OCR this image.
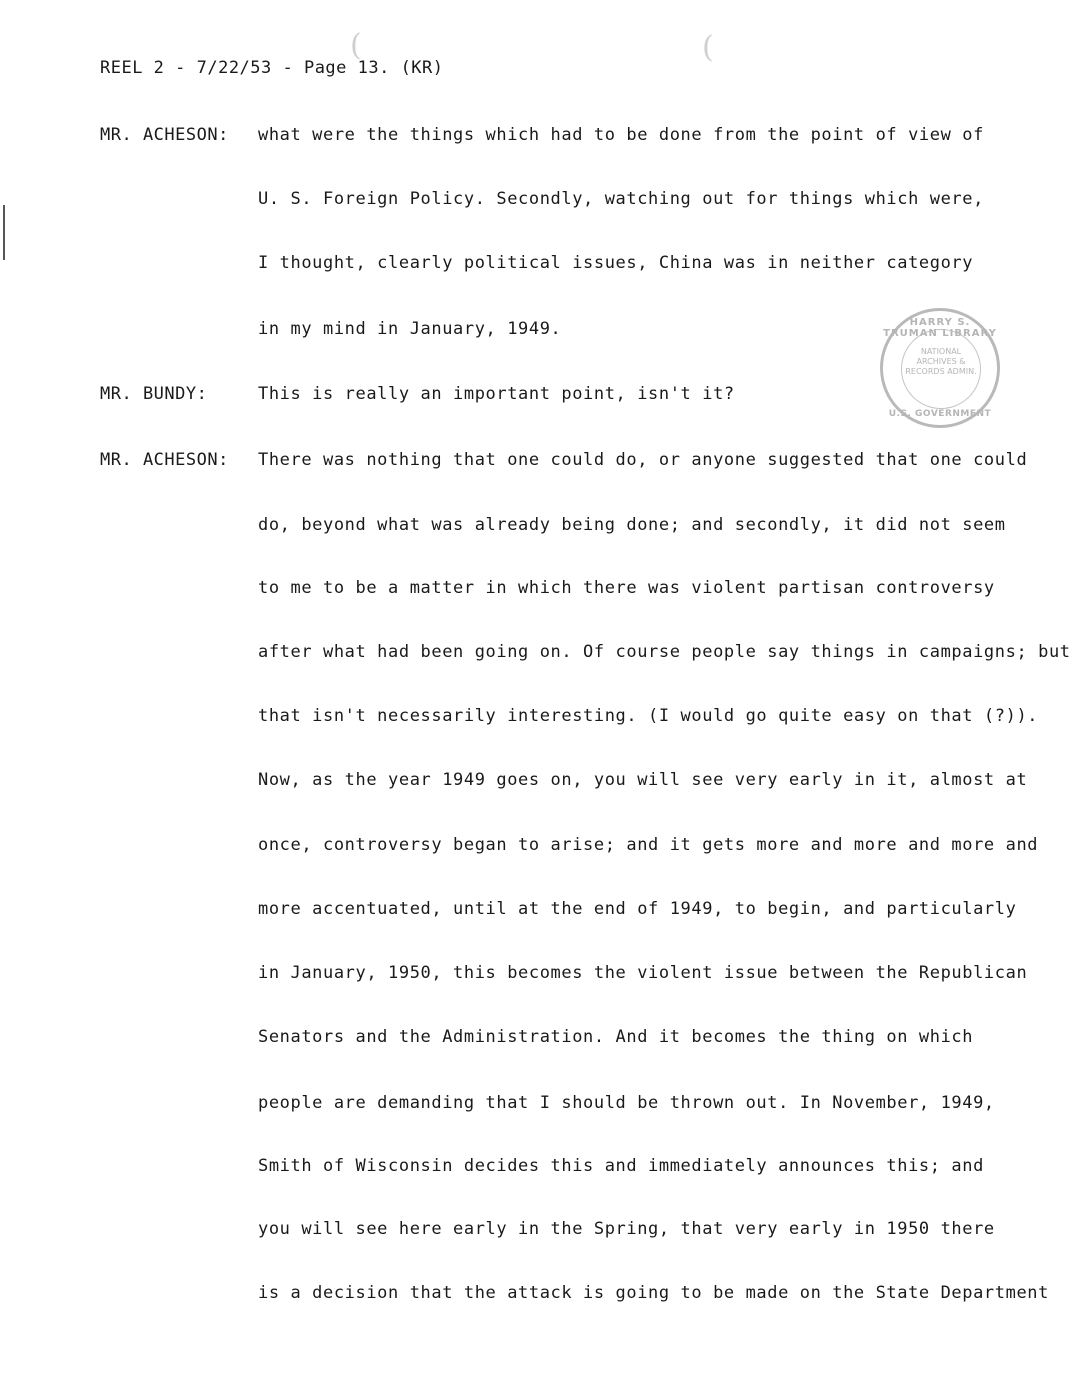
REEL 2 - 7/22/53 - Page 13. (KR)
(	(
MR. ACHESON:
MR. BUNDY:
MR. ACHESON:
what were the things which had to be done from the point of view of
U. S. Foreign Policy. Secondly, watching out for things which were,
I thought, clearly political issues, China was in neither category
in my mind in January, 1949.
This is really an important point, isn't it?
There was nothing that one could do, or anyone suggested that one could
do, beyond what was already being done; and secondly, it did not seem
to me to be a matter in which there was violent partisan controversy
after what had been going on. Of course people say things in campaigns; but
that isn't necessarily interesting. (I would go quite easy on that (?)).
Now, as the year 1949 goes on, you will see very early in it, almost at
once, controversy began to arise; and it gets more and more and more and
more accentuated, until at the end of 1949, to begin, and particularly
in January, 1950, this becomes the violent issue between the Republican
Senators and the Administration. And it becomes the thing on which
people are demanding that I should be thrown out. In November, 1949,
Smith of Wisconsin decides this and immediately announces this; and
you will see here early in the Spring, that very early in 1950 there
is a decision that the attack is going to be made on the State Department
HARRY S. TRUMAN LIBRARY
NATIONAL ARCHIVES & RECORDS ADMIN.
U.S. GOVERNMENT
